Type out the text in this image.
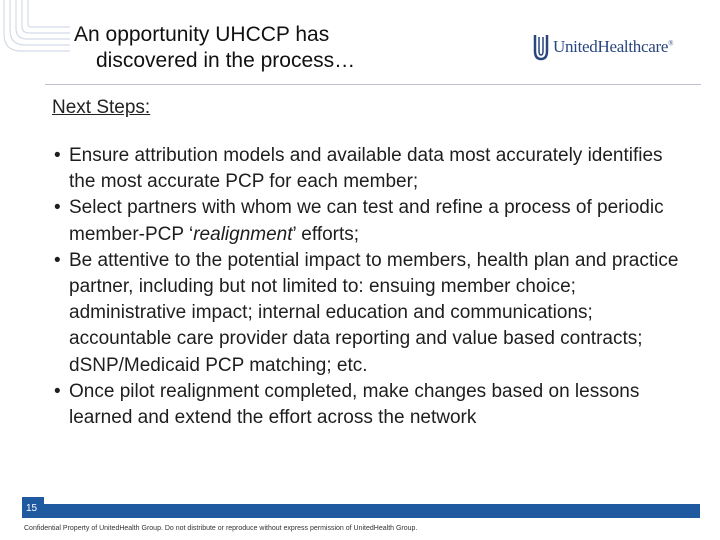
An opportunity UHCCP has
discovered in the process…
UnitedHealthcare®
Next Steps:
• Ensure attribution models and available data most accurately identifies the most accurate PCP for each member;
• Select partners with whom we can test and refine a process of periodic member-PCP ‘realignment’ efforts;
• Be attentive to the potential impact to members, health plan and practice partner, including but not limited to: ensuing member choice; administrative impact; internal education and communications; accountable care provider data reporting and value based contracts; dSNP/Medicaid PCP matching; etc.
• Once pilot realignment completed, make changes based on lessons learned and extend the effort across the network
15
Confidential Property of UnitedHealth Group. Do not distribute or reproduce without express permission of UnitedHealth Group.
